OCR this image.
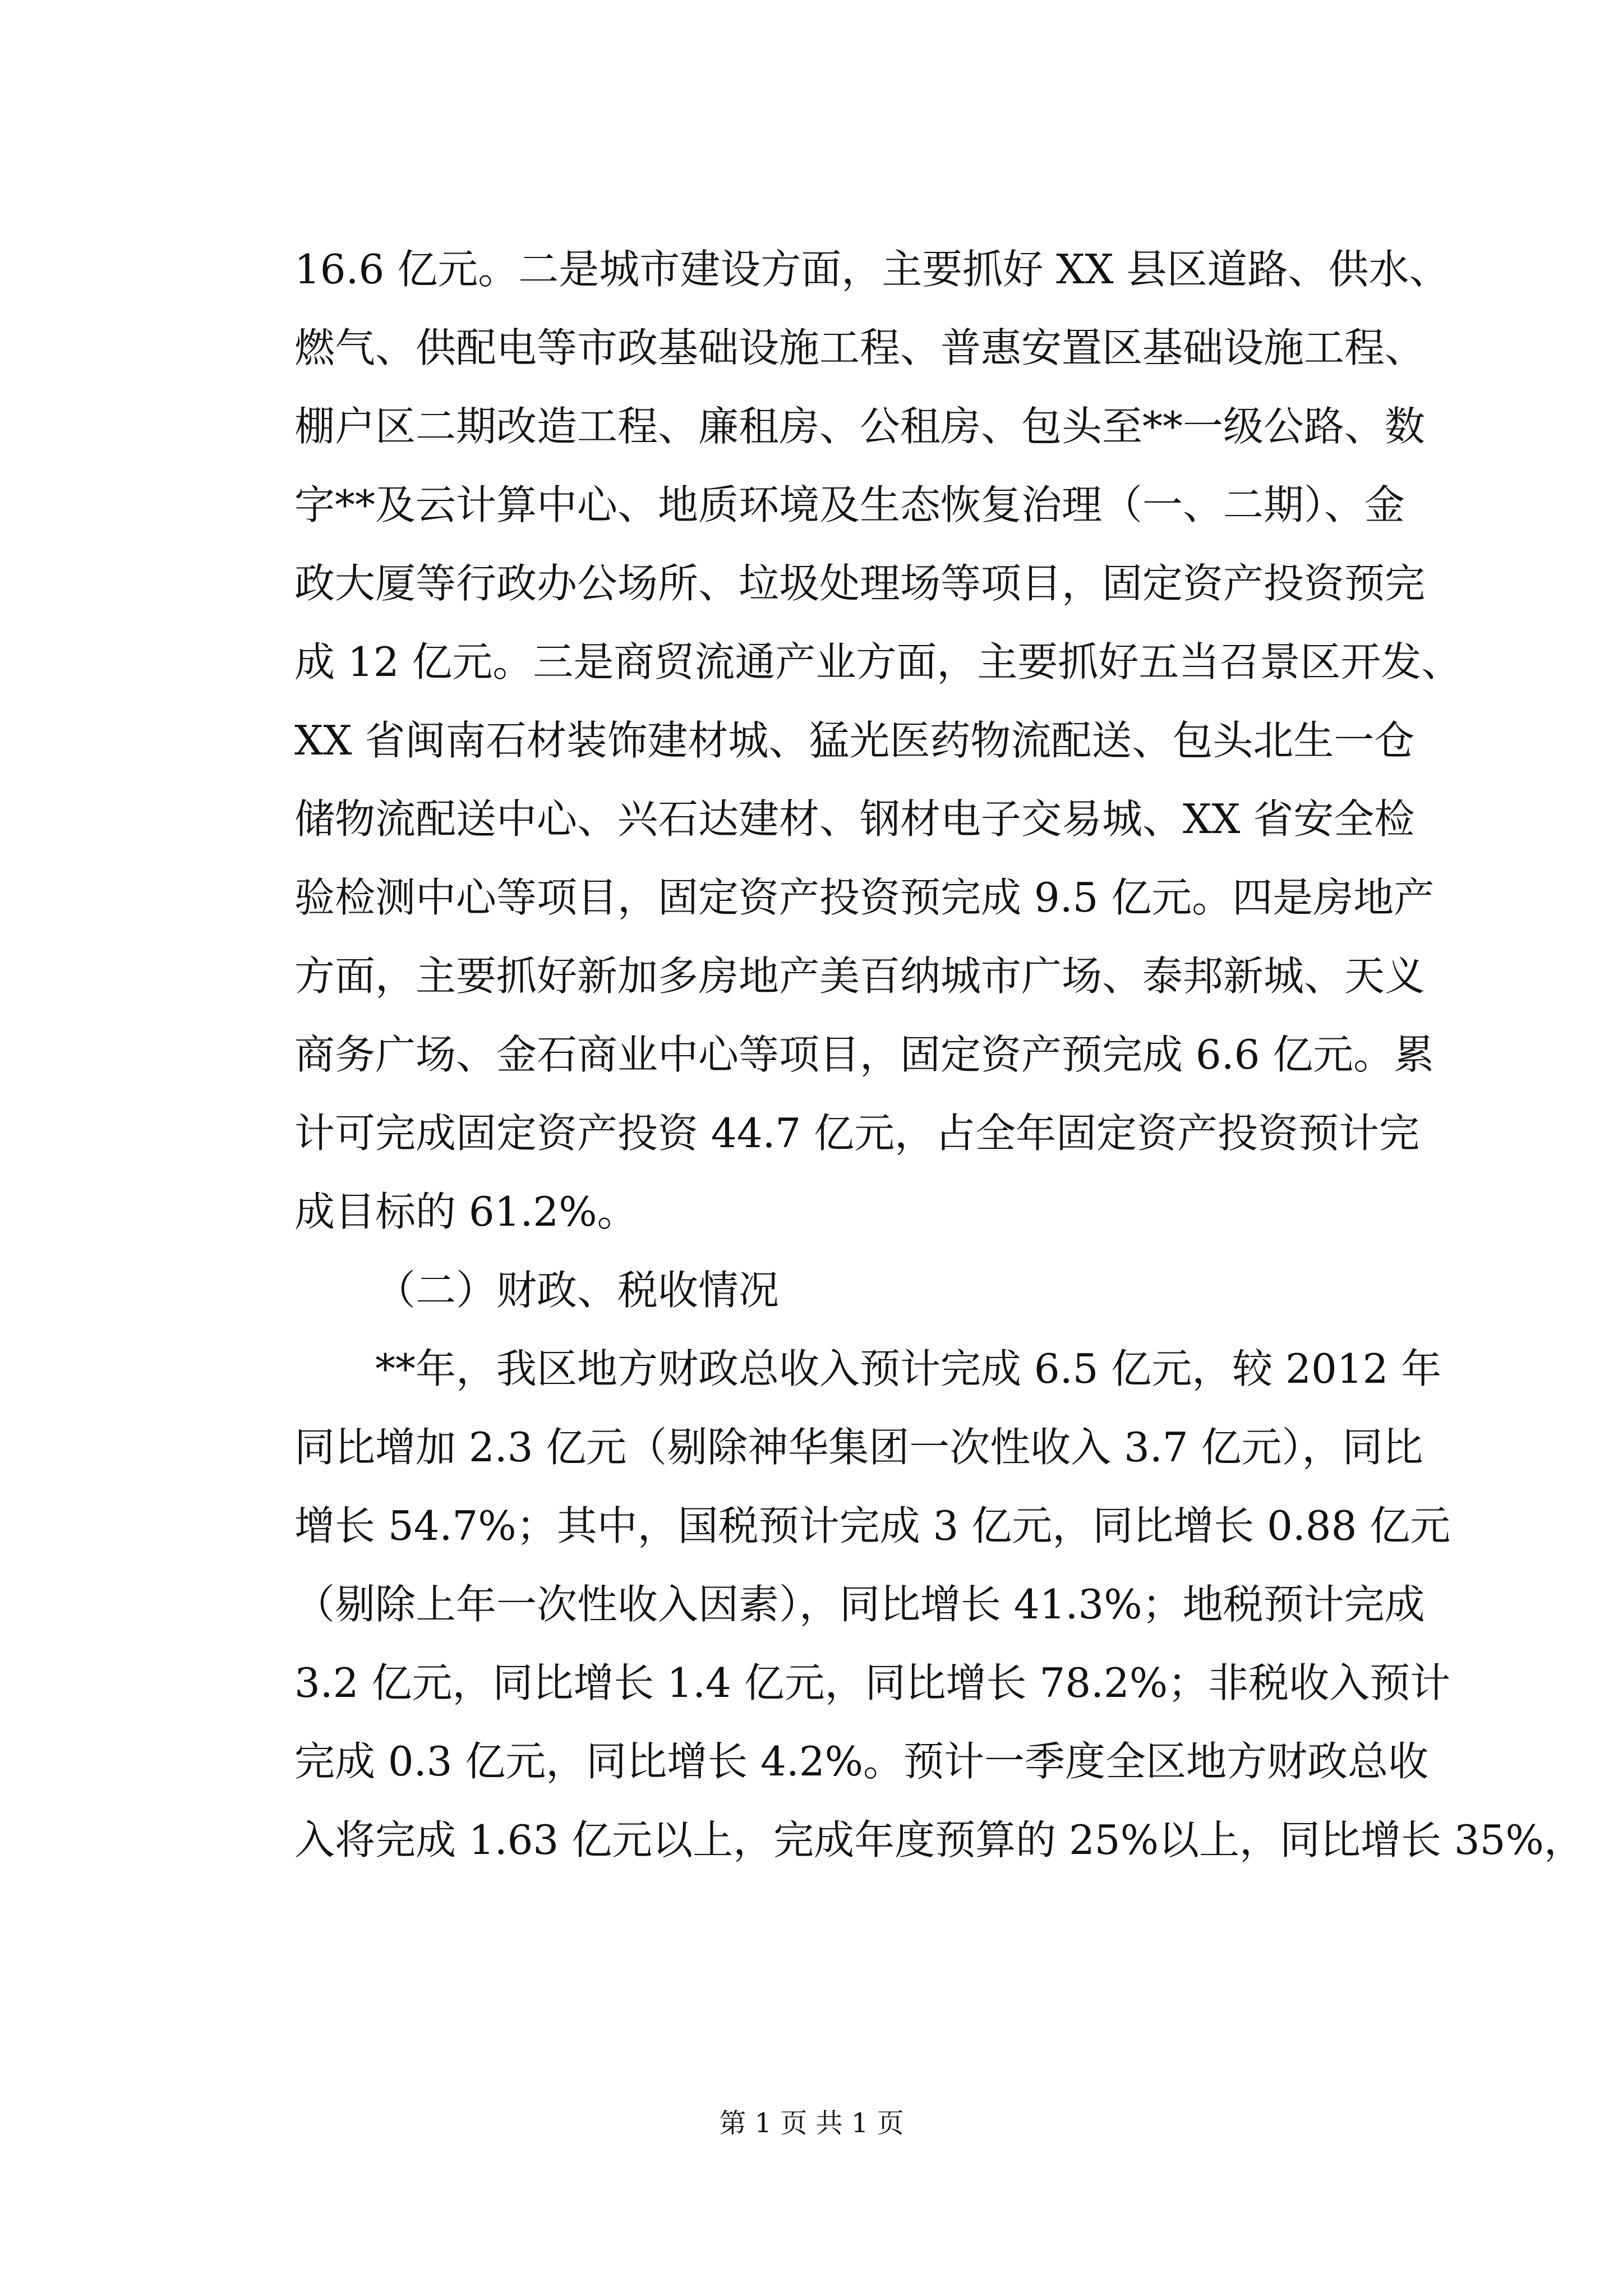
16.6 亿元。二是城市建设方面，主要抓好 XX 县区道路、供水、
燃气、供配电等市政基础设施工程、普惠安置区基础设施工程、
棚户区二期改造工程、廉租房、公租房、包头至**一级公路、数
字**及云计算中心、地质环境及生态恢复治理（一、二期）、金
政大厦等行政办公场所、垃圾处理场等项目，固定资产投资预完
成 12 亿元。三是商贸流通产业方面，主要抓好五当召景区开发、
XX 省闽南石材装饰建材城、猛光医药物流配送、包头北生一仓
储物流配送中心、兴石达建材、钢材电子交易城、XX 省安全检
验检测中心等项目，固定资产投资预完成 9.5 亿元。四是房地产
方面，主要抓好新加多房地产美百纳城市广场、泰邦新城、天义
商务广场、金石商业中心等项目，固定资产预完成 6.6 亿元。累
计可完成固定资产投资 44.7 亿元，占全年固定资产投资预计完
成目标的 61.2%。
（二）财政、税收情况
**年，我区地方财政总收入预计完成 6.5 亿元，较 2012 年
同比增加 2.3 亿元（剔除神华集团一次性收入 3.7 亿元），同比
增长 54.7%；其中，国税预计完成 3 亿元，同比增长 0.88 亿元
（剔除上年一次性收入因素），同比增长 41.3%；地税预计完成
3.2 亿元，同比增长 1.4 亿元，同比增长 78.2%；非税收入预计
完成 0.3 亿元，同比增长 4.2%。预计一季度全区地方财政总收
入将完成 1.63 亿元以上，完成年度预算的 25%以上，同比增长 35%，
第 1 页 共 1 页
